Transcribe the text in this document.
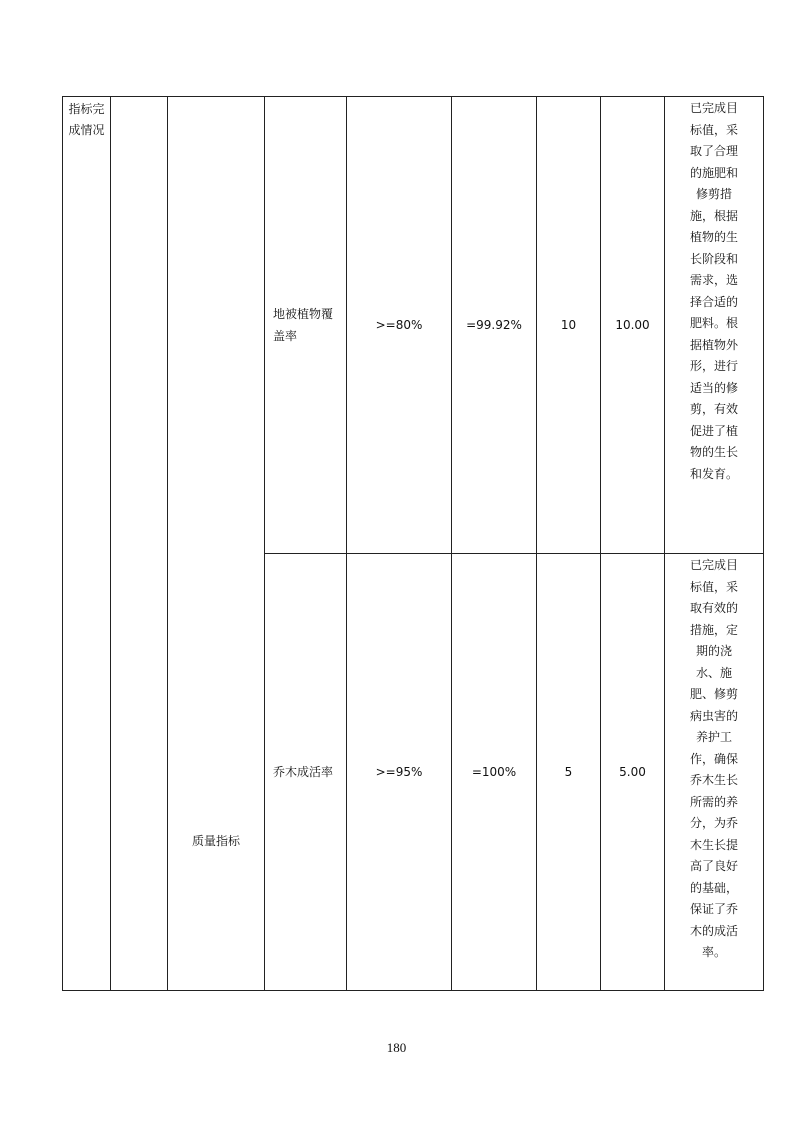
指标完成情况		质量指标	地被植物覆盖率	>=80%	=99.92%	10	10.00	已完成目标值，采取了合理的施肥和修剪措施，根据植物的生长阶段和需求，选择合适的肥料。根据植物外形，进行适当的修剪，有效促进了植物的生长和发育。

			乔木成活率	>=95%	=100%	5	5.00	已完成目标值，采取有效的措施，定期的浇水、施肥、修剪病虫害的养护工作，确保乔木生长所需的养分，为乔木生长提高了良好的基础，保证了乔木的成活率。
180
